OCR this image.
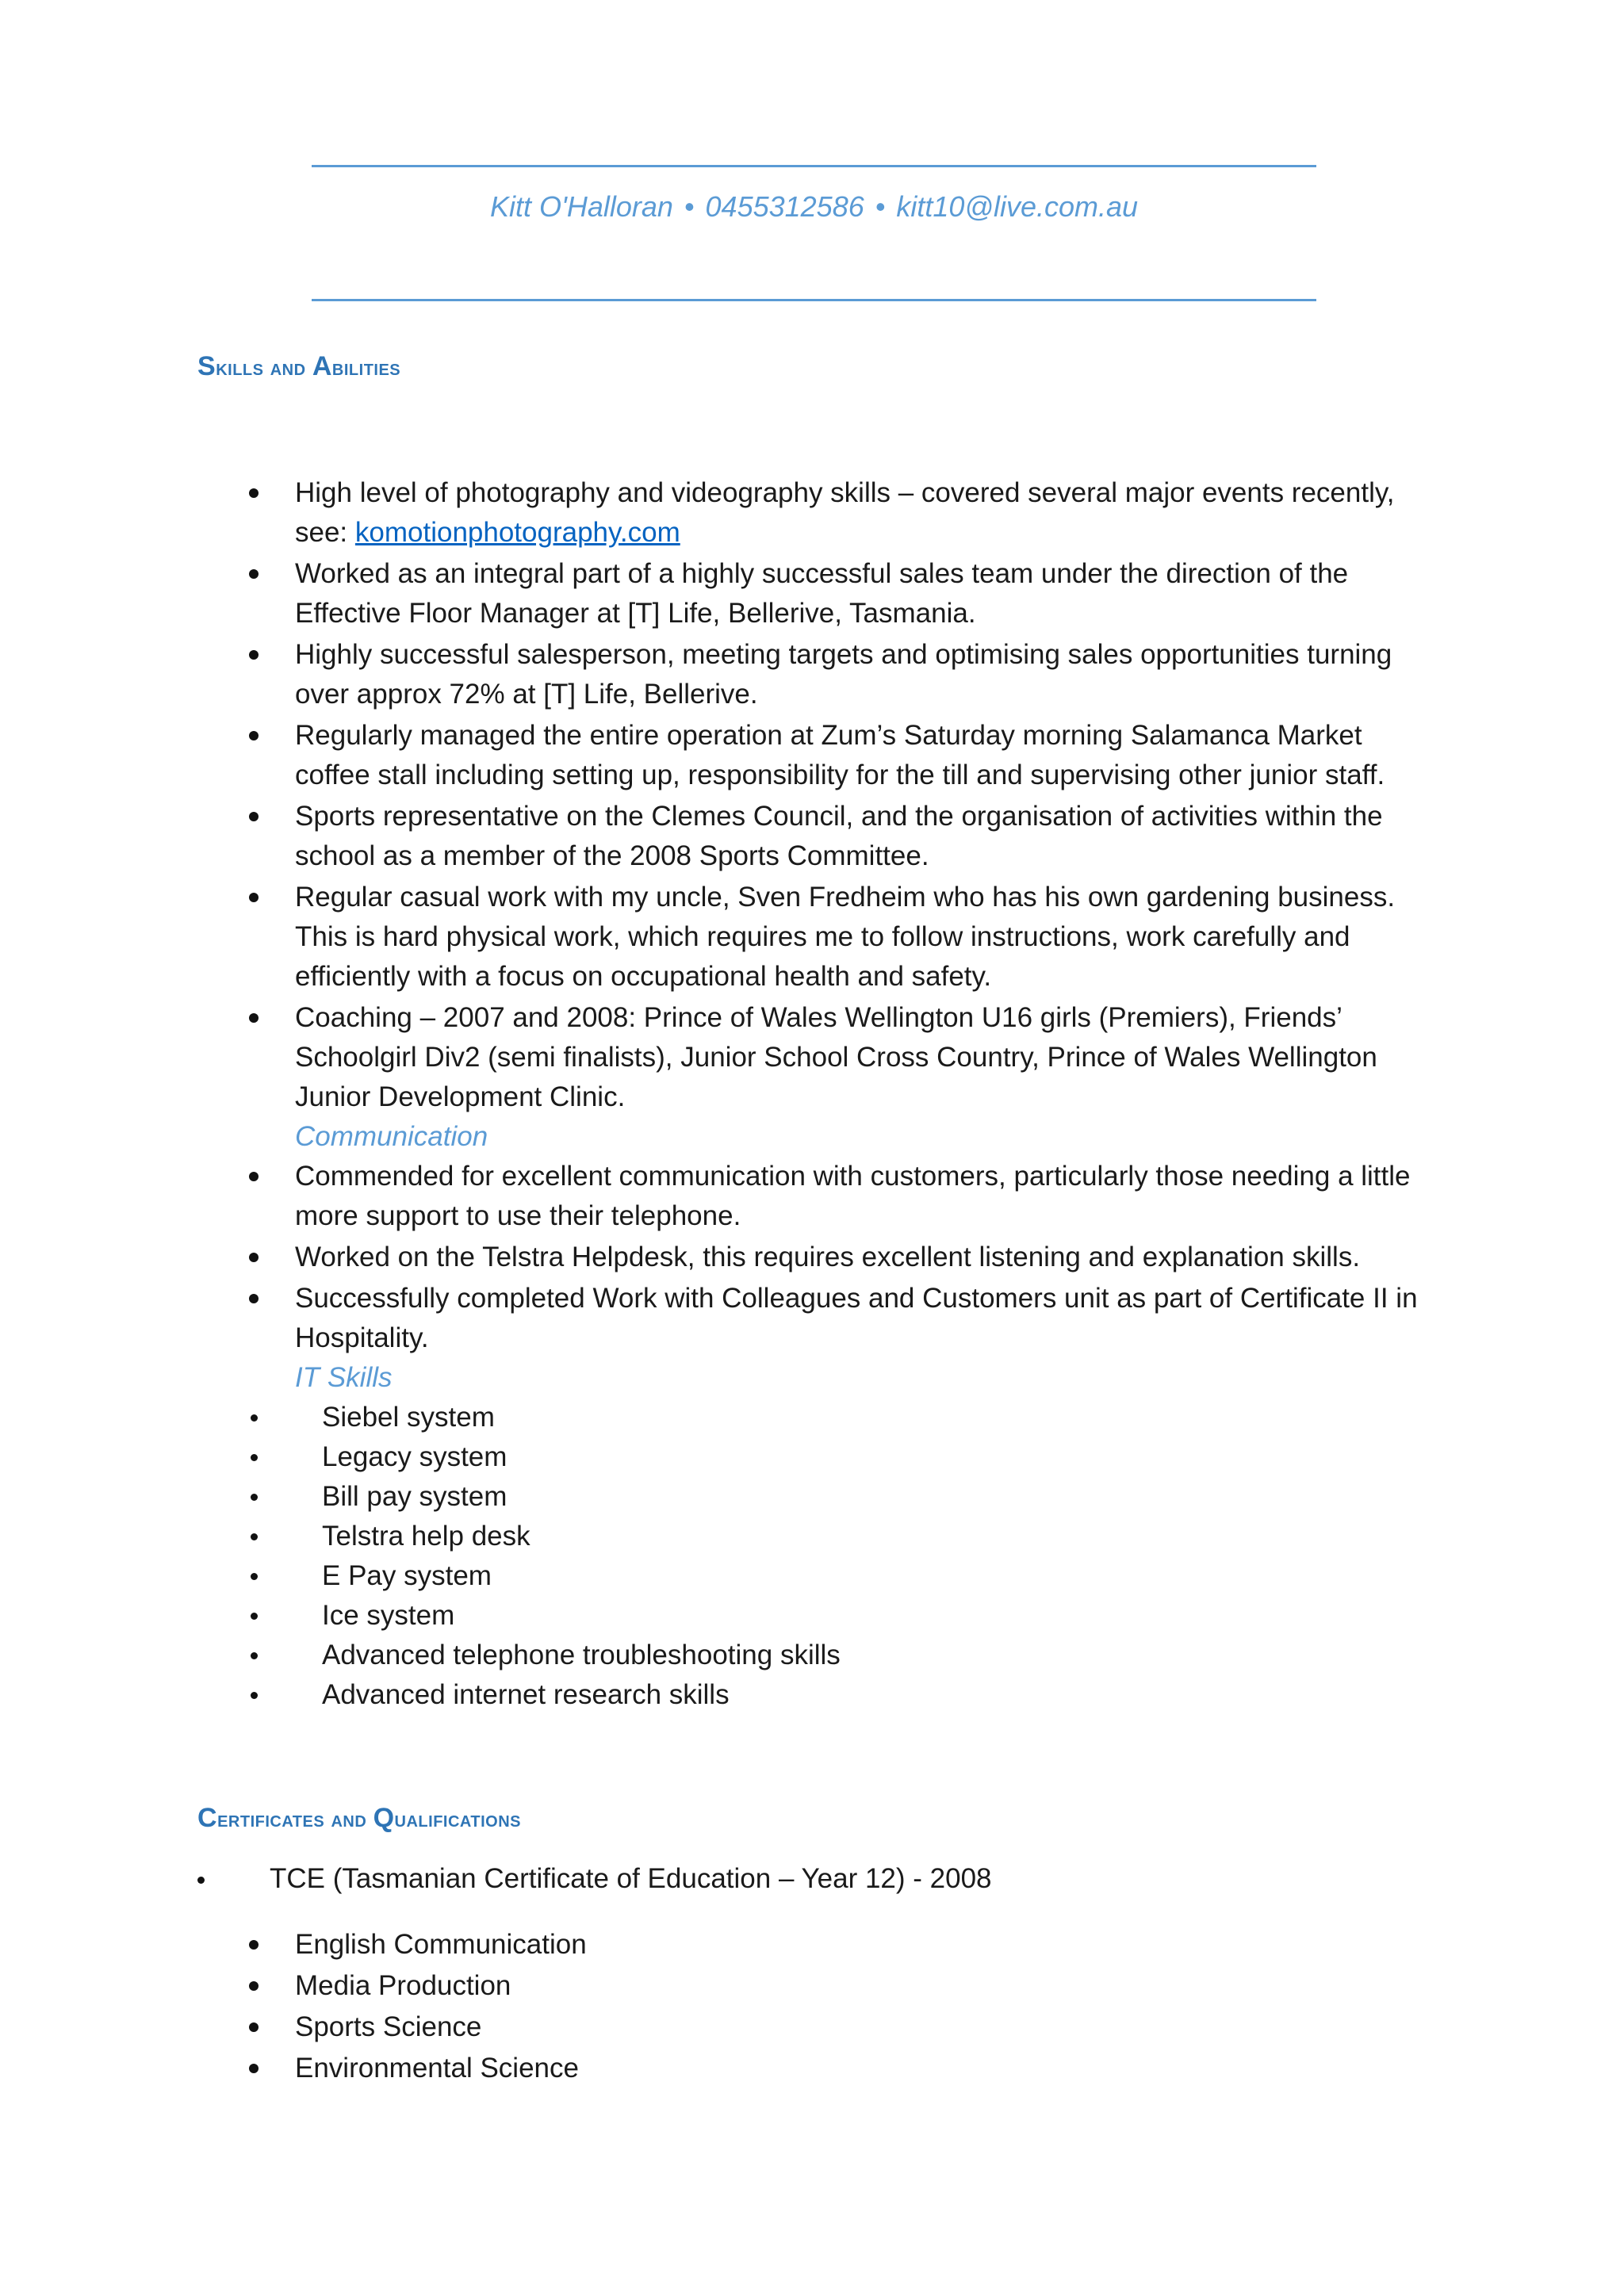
Kitt O'Halloran • 0455312586 • kitt10@live.com.au
Skills and Abilities

High level of photography and videography skills – covered several major events recently, see: komotionphotography.com

Worked as an integral part of a highly successful sales team under the direction of the Effective Floor Manager at [T] Life, Bellerive, Tasmania.

Highly successful salesperson, meeting targets and optimising sales opportunities turning over approx 72% at [T] Life, Bellerive.

Regularly managed the entire operation at Zum’s Saturday morning Salamanca Market coffee stall including setting up, responsibility for the till and supervising other junior staff.

Sports representative on the Clemes Council, and the organisation of activities within the school as a member of the 2008 Sports Committee.

Regular casual work with my uncle, Sven Fredheim who has his own gardening business. This is hard physical work, which requires me to follow instructions, work carefully and efficiently with a focus on occupational health and safety.

Coaching – 2007 and 2008: Prince of Wales Wellington U16 girls (Premiers), Friends’ Schoolgirl Div2 (semi finalists), Junior School Cross Country, Prince of Wales Wellington Junior Development Clinic.

Communication

Commended for excellent communication with customers, particularly those needing a little more support to use their telephone.

Worked on the Telstra Helpdesk, this requires excellent listening and explanation skills.

Successfully completed Work with Colleagues and Customers unit as part of Certificate II in Hospitality.

IT Skills

Siebel system

Legacy system

Bill pay system

Telstra help desk

E Pay system

Ice system

Advanced telephone troubleshooting skills

Advanced internet research skills

Certificates and Qualifications
TCE (Tasmanian Certificate of Education – Year 12) - 2008

English Communication

Media Production

Sports Science

Environmental Science
